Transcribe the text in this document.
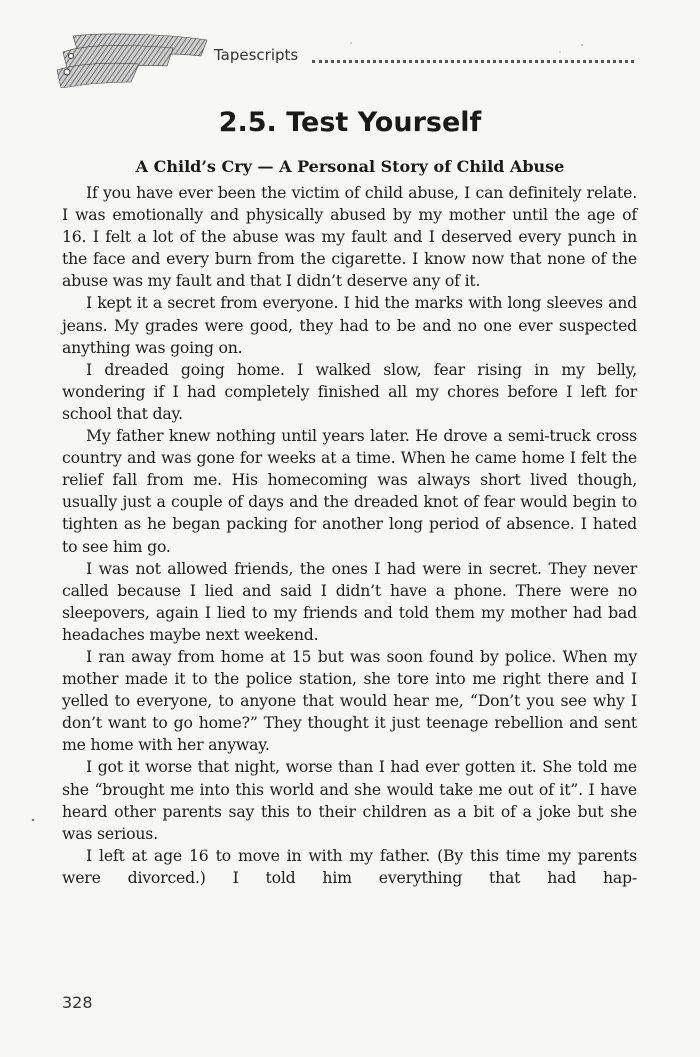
Tapescripts
2.5. Test Yourself
A Child’s Cry — A Personal Story of Child Abuse

If you have ever been the victim of child abuse, I can definitely relate. I was emotionally and physically abused by my mother until the age of 16. I felt a lot of the abuse was my fault and I deserved every punch in the face and every burn from the cigarette. I know now that none of the abuse was my fault and that I didn’t deserve any of it.

I kept it a secret from everyone. I hid the marks with long sleeves and jeans. My grades were good, they had to be and no one ever suspected anything was going on.

I dreaded going home. I walked slow, fear rising in my belly, wondering if I had completely finished all my chores before I left for school that day.

My father knew nothing until years later. He drove a semi-truck cross country and was gone for weeks at a time. When he came home I felt the relief fall from me. His homecoming was always short lived though, usually just a couple of days and the dreaded knot of fear would begin to tighten as he began packing for another long period of absence. I hated to see him go.

I was not allowed friends, the ones I had were in secret. They never called because I lied and said I didn’t have a phone. There were no sleepovers, again I lied to my friends and told them my mother had bad headaches maybe next weekend.

I ran away from home at 15 but was soon found by police. When my mother made it to the police station, she tore into me right there and I yelled to everyone, to anyone that would hear me, “Don’t you see why I don’t want to go home?” They thought it just teenage rebellion and sent me home with her anyway.

I got it worse that night, worse than I had ever gotten it. She told me she “brought me into this world and she would take me out of it”. I have heard other parents say this to their children as a bit of a joke but she was serious.

I left at age 16 to move in with my father. (By this time my parents were divorced.) I told him everything that had hap-

328
